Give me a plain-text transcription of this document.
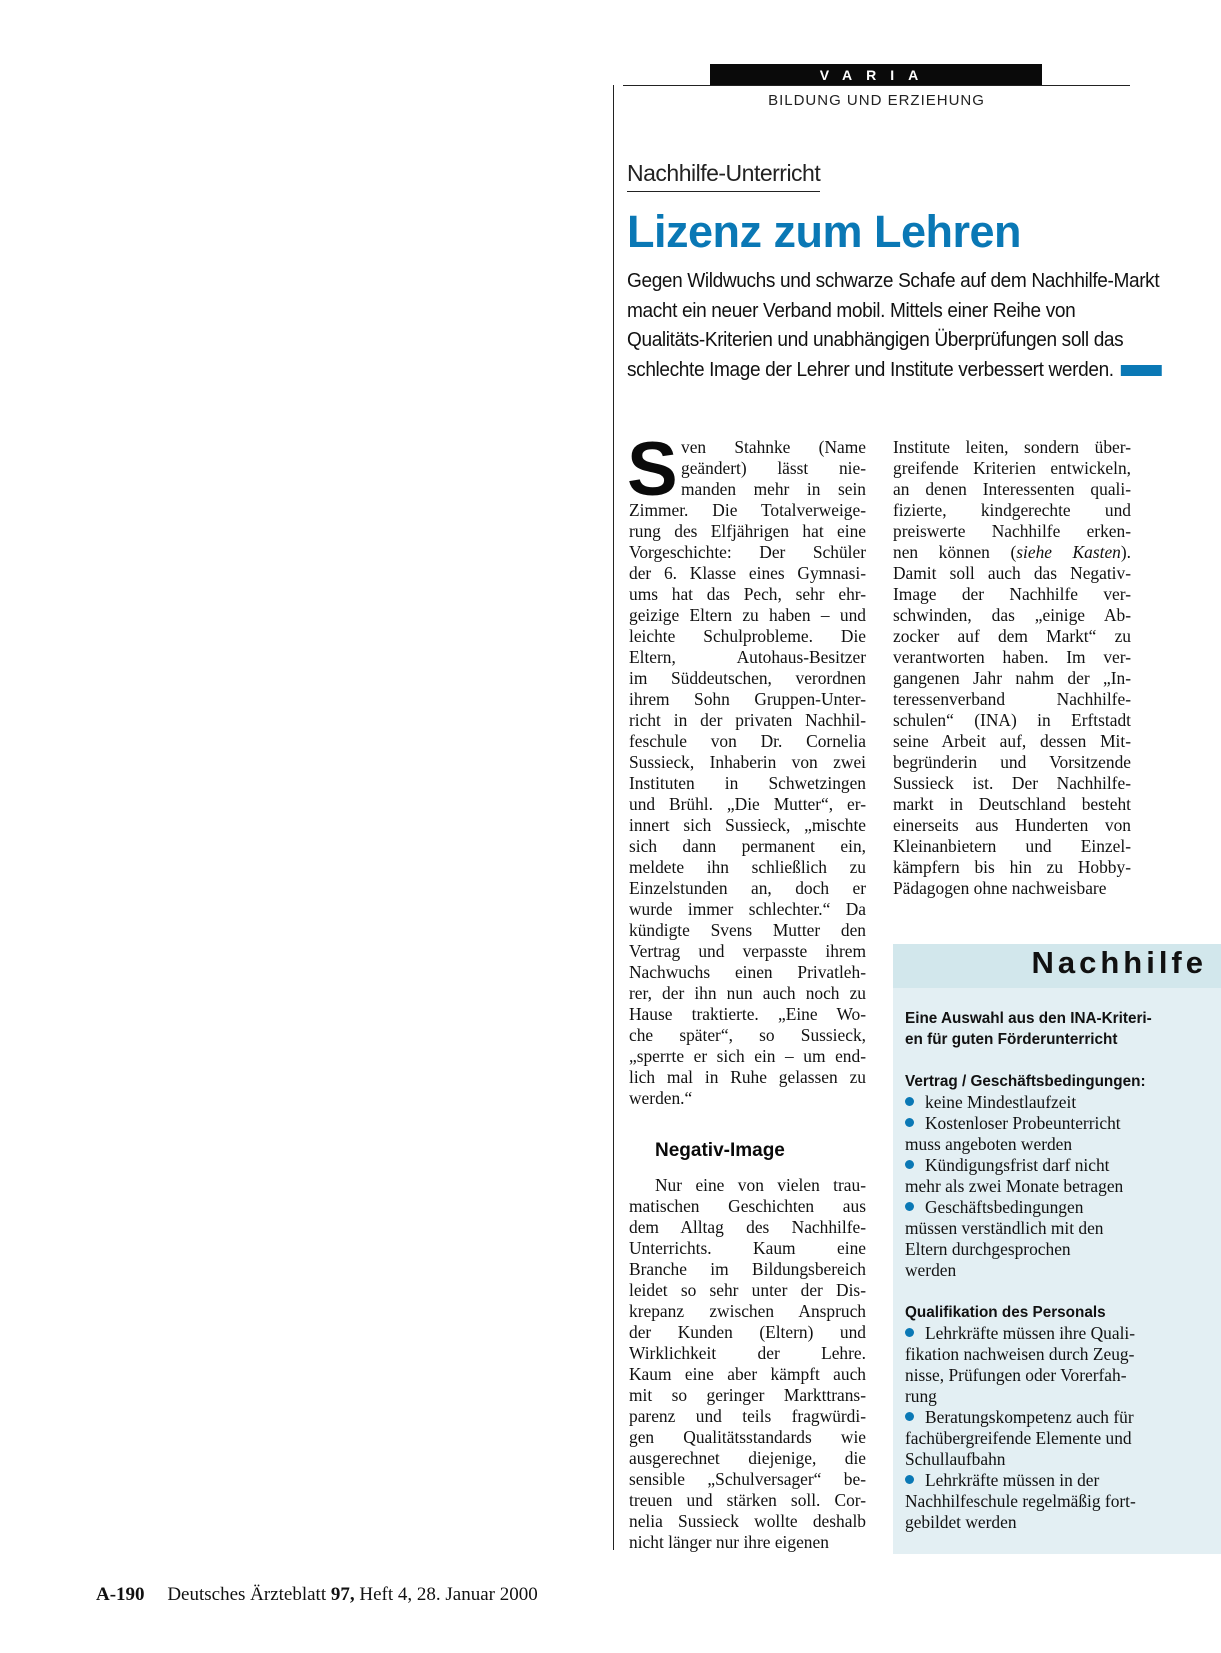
VARIA
BILDUNG UND ERZIEHUNG
Nachhilfe-Unterricht
Lizenz zum Lehren
Gegen Wildwuchs und schwarze Schafe auf dem Nachhilfe-Markt
macht ein neuer Verband mobil. Mittels einer Reihe von
Qualitäts-Kriterien und unabhängigen Überprüfungen soll das
schlechte Image der Lehrer und Institute verbessert werden.
S ven Stahnke (Name
geändert) lässt nie-
manden mehr in sein
Zimmer. Die Totalverweige-
rung des Elfjährigen hat eine
Vorgeschichte: Der Schüler
der 6. Klasse eines Gymnasi-
ums hat das Pech, sehr ehr-
geizige Eltern zu haben – und
leichte Schulprobleme. Die
Eltern, Autohaus-Besitzer
im Süddeutschen, verordnen
ihrem Sohn Gruppen-Unter-
richt in der privaten Nachhil-
feschule von Dr. Cornelia
Sussieck, Inhaberin von zwei
Instituten in Schwetzingen
und Brühl. „Die Mutter“, er-
innert sich Sussieck, „mischte
sich dann permanent ein,
meldete ihn schließlich zu
Einzelstunden an, doch er
wurde immer schlechter.“ Da
kündigte Svens Mutter den
Vertrag und verpasste ihrem
Nachwuchs einen Privatleh-
rer, der ihn nun auch noch zu
Hause traktierte. „Eine Wo-
che später“, so Sussieck,
„sperrte er sich ein – um end-
lich mal in Ruhe gelassen zu
werden.“
Negativ-Image
Nur eine von vielen trau-
matischen Geschichten aus
dem Alltag des Nachhilfe-
Unterrichts. Kaum eine
Branche im Bildungsbereich
leidet so sehr unter der Dis-
krepanz zwischen Anspruch
der Kunden (Eltern) und
Wirklichkeit der Lehre.
Kaum eine aber kämpft auch
mit so geringer Markttrans-
parenz und teils fragwürdi-
gen Qualitätsstandards wie
ausgerechnet diejenige, die
sensible „Schulversager“ be-
treuen und stärken soll. Cor-
nelia Sussieck wollte deshalb
nicht länger nur ihre eigenen
Institute leiten, sondern über-
greifende Kriterien entwickeln,
an denen Interessenten quali-
fizierte, kindgerechte und
preiswerte Nachhilfe erken-
nen können (siehe Kasten).
Damit soll auch das Negativ-
Image der Nachhilfe ver-
schwinden, das „einige Ab-
zocker auf dem Markt“ zu
verantworten haben. Im ver-
gangenen Jahr nahm der „In-
teressenverband Nachhilfe-
schulen“ (INA) in Erftstadt
seine Arbeit auf, dessen Mit-
begründerin und Vorsitzende
Sussieck ist. Der Nachhilfe-
markt in Deutschland besteht
einerseits aus Hunderten von
Kleinanbietern und Einzel-
kämpfern bis hin zu Hobby-
Pädagogen ohne nachweisbare
Nachhilfe
Eine Auswahl aus den INA-Kriteri-
en für guten Förderunterricht
Vertrag / Geschäftsbedingungen:
keine Mindestlaufzeit
Kostenloser Probeunterricht
muss angeboten werden
Kündigungsfrist darf nicht
mehr als zwei Monate betragen
Geschäftsbedingungen
müssen verständlich mit den
Eltern durchgesprochen
werden
Qualifikation des Personals
Lehrkräfte müssen ihre Quali-
fikation nachweisen durch Zeug-
nisse, Prüfungen oder Vorerfah-
rung
Beratungskompetenz auch für
fachübergreifende Elemente und
Schullaufbahn
Lehrkräfte müssen in der
Nachhilfeschule regelmäßig fort-
gebildet werden
A-190 Deutsches Ärzteblatt 97, Heft 4, 28. Januar 2000
